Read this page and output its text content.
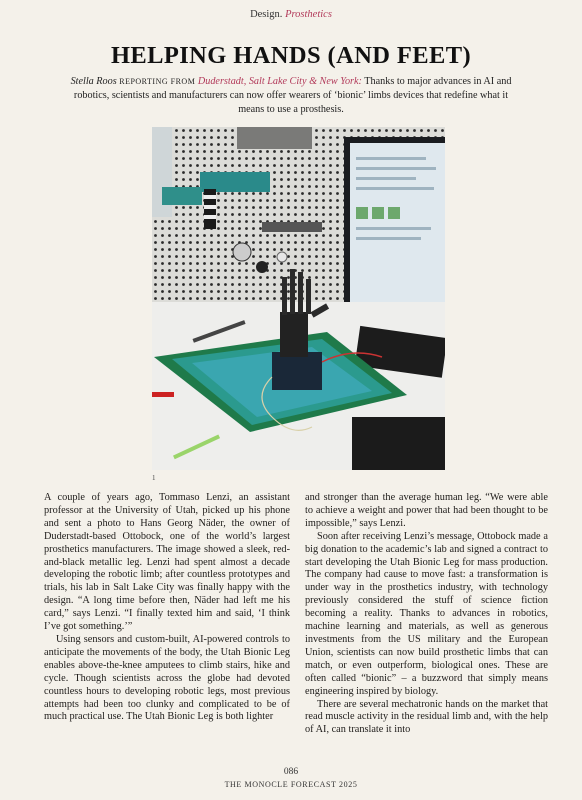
Design. Prosthetics
HELPING HANDS (AND FEET)
Stella Roos REPORTING FROM Duderstadt, Salt Lake City & New York: Thanks to major advances in AI and robotics, scientists and manufacturers can now offer wearers of ‘bionic’ limbs devices that redefine what it means to use a prosthesis.
1

A couple of years ago, Tommaso Lenzi, an assistant professor at the University of Utah, picked up his phone and sent a photo to Hans Georg Näder, the owner of Duderstadt-based Ottobock, one of the world’s largest prosthetics manufacturers. The image showed a sleek, red-and-black metallic leg. Lenzi had spent almost a decade developing the robotic limb; after countless prototypes and trials, his lab in Salt Lake City was finally happy with the design. “A long time before then, Näder had left me his card,” says Lenzi. “I finally texted him and said, ‘I think I’ve got something.’”

Using sensors and custom-built, AI-powered controls to anticipate the movements of the body, the Utah Bionic Leg enables above-the-knee amputees to climb stairs, hike and cycle. Though scientists across the globe had devoted countless hours to developing robotic legs, most previous attempts had been too clunky and complicated to be of much practical use. The Utah Bionic Leg is both lighter

and stronger than the average human leg. “We were able to achieve a weight and power that had been thought to be impossible,” says Lenzi.

Soon after receiving Lenzi’s message, Ottobock made a big donation to the academic’s lab and signed a contract to start developing the Utah Bionic Leg for mass production. The company had cause to move fast: a transformation is under way in the prosthetics industry, with technology previously considered the stuff of science fiction becoming a reality. Thanks to advances in robotics, machine learning and materials, as well as generous investments from the US military and the European Union, scientists can now build prosthetic limbs that can match, or even outperform, biological ones. These are often called “bionic” – a buzzword that simply means engineering inspired by biology.

There are several mechatronic hands on the market that read muscle activity in the residual limb and, with the help of AI, can translate it into

086
THE MONOCLE FORECAST 2025
